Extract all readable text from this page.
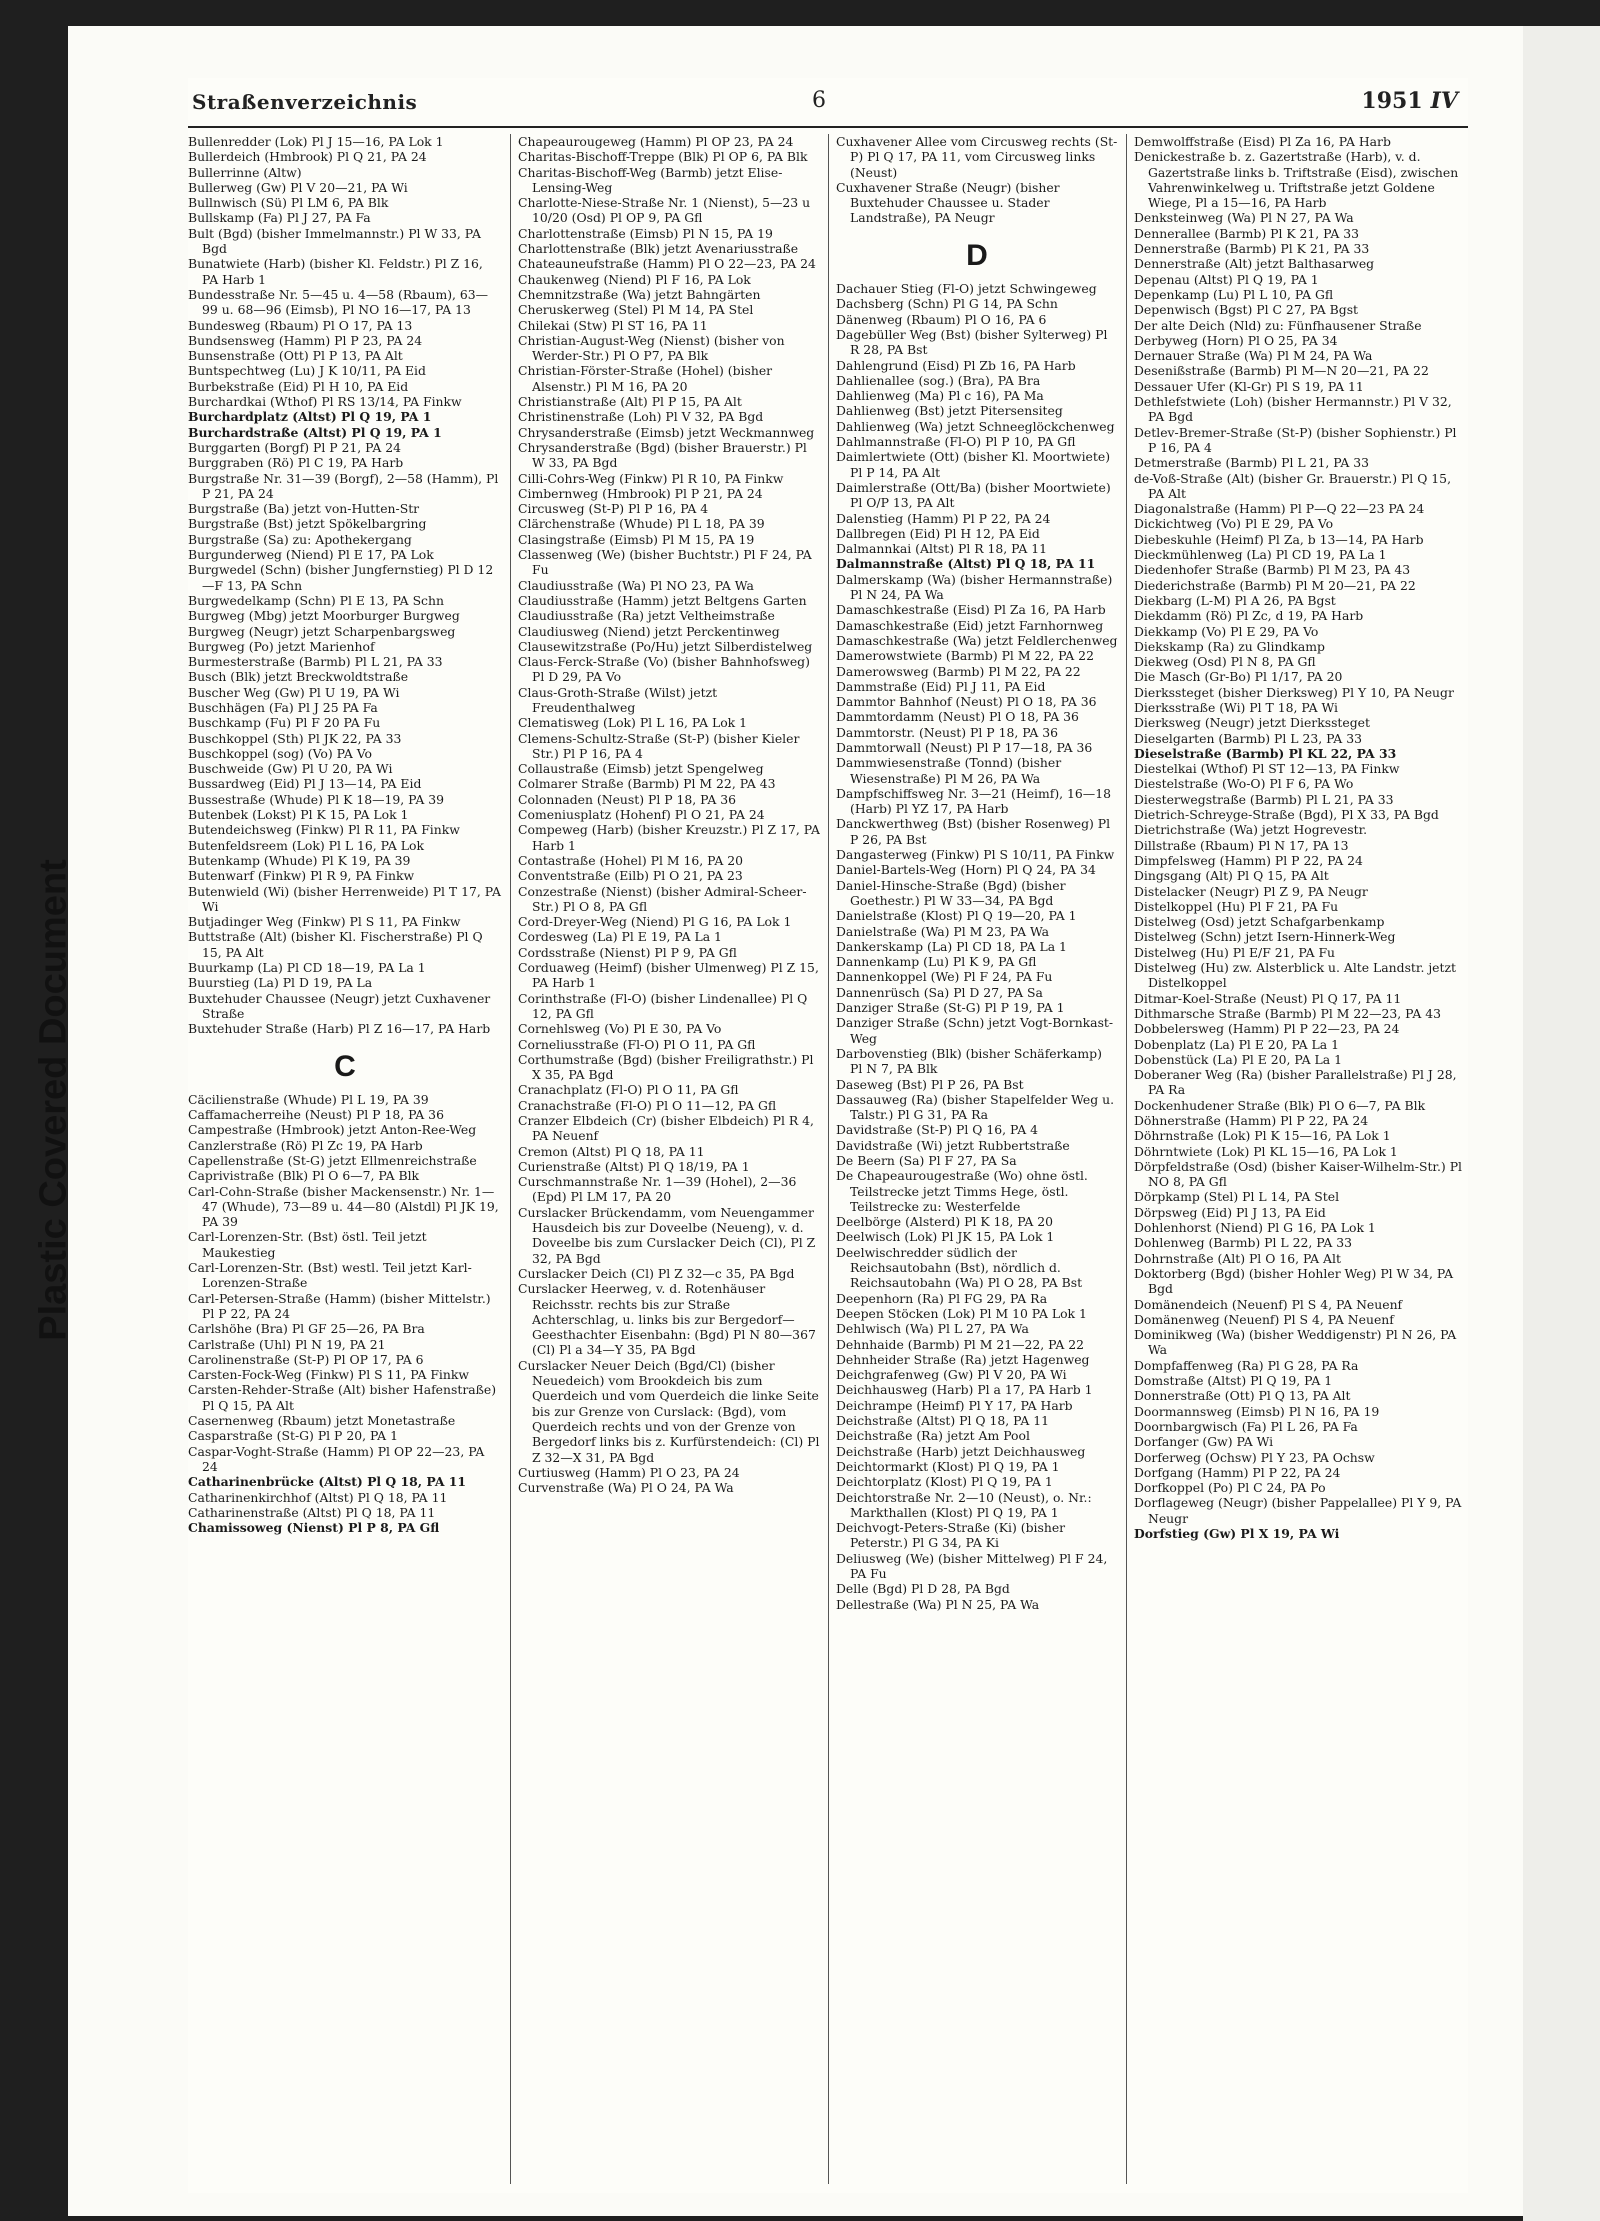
Plastic Covered Document
Straßenverzeichnis	6	1951 IV
Bullenredder (Lok) Pl J 15—16, PA Lok 1
Bullerdeich (Hmbrook) Pl Q 21, PA 24
Bullerrinne (Altw)
Bullerweg (Gw) Pl V 20—21, PA Wi
Bullnwisch (Sü) Pl LM 6, PA Blk
Bullskamp (Fa) Pl J 27, PA Fa
Bult (Bgd) (bisher Immelmannstr.) Pl W 33, PA Bgd
Bunatwiete (Harb) (bisher Kl. Feldstr.) Pl Z 16, PA Harb 1
Bundesstraße Nr. 5—45 u. 4—58 (Rbaum), 63—99 u. 68—96 (Eimsb), Pl NO 16—17, PA 13
Bundesweg (Rbaum) Pl O 17, PA 13
Bundsensweg (Hamm) Pl P 23, PA 24
Bunsenstraße (Ott) Pl P 13, PA Alt
Buntspechtweg (Lu) J K 10/11, PA Eid
Burbekstraße (Eid) Pl H 10, PA Eid
Burchardkai (Wthof) Pl RS 13/14, PA Finkw
Burchardplatz (Altst) Pl Q 19, PA 1
Burchardstraße (Altst) Pl Q 19, PA 1
Burggarten (Borgf) Pl P 21, PA 24
Burggraben (Rö) Pl C 19, PA Harb
Burgstraße Nr. 31—39 (Borgf), 2—58 (Hamm), Pl P 21, PA 24
Burgstraße (Ba) jetzt von-Hutten-Str
Burgstraße (Bst) jetzt Spökelbargring
Burgstraße (Sa) zu: Apothekergang
Burgunderweg (Niend) Pl E 17, PA Lok
Burgwedel (Schn) (bisher Jungfernstieg) Pl D 12—F 13, PA Schn
Burgwedelkamp (Schn) Pl E 13, PA Schn
Burgweg (Mbg) jetzt Moorburger Burgweg
Burgweg (Neugr) jetzt Scharpenbargsweg
Burgweg (Po) jetzt Marienhof
Burmesterstraße (Barmb) Pl L 21, PA 33
Busch (Blk) jetzt Breckwoldtstraße
Buscher Weg (Gw) Pl U 19, PA Wi
Buschhägen (Fa) Pl J 25 PA Fa
Buschkamp (Fu) Pl F 20 PA Fu
Buschkoppel (Sth) Pl JK 22, PA 33
Buschkoppel (sog) (Vo) PA Vo
Buschweide (Gw) Pl U 20, PA Wi
Bussardweg (Eid) Pl J 13—14, PA Eid
Bussestraße (Whude) Pl K 18—19, PA 39
Butenbek (Lokst) Pl K 15, PA Lok 1
Butendeichsweg (Finkw) Pl R 11, PA Finkw
Butenfeldsreem (Lok) Pl L 16, PA Lok
Butenkamp (Whude) Pl K 19, PA 39
Butenwarf (Finkw) Pl R 9, PA Finkw
Butenwield (Wi) (bisher Herrenweide) Pl T 17, PA Wi
Butjadinger Weg (Finkw) Pl S 11, PA Finkw
Buttstraße (Alt) (bisher Kl. Fischerstraße) Pl Q 15, PA Alt
Buurkamp (La) Pl CD 18—19, PA La 1
Buurstieg (La) Pl D 19, PA La
Buxtehuder Chaussee (Neugr) jetzt Cuxhavener Straße
Buxtehuder Straße (Harb) Pl Z 16—17, PA Harb
C
Cäcilienstraße (Whude) Pl L 19, PA 39
Caffamacherreihe (Neust) Pl P 18, PA 36
Campestraße (Hmbrook) jetzt Anton-Ree-Weg
Canzlerstraße (Rö) Pl Zc 19, PA Harb
Capellenstraße (St-G) jetzt Ellmenreichstraße
Caprivistraße (Blk) Pl O 6—7, PA Blk
Carl-Cohn-Straße (bisher Mackensenstr.) Nr. 1—47 (Whude), 73—89 u. 44—80 (Alstdl) Pl JK 19, PA 39
Carl-Lorenzen-Str. (Bst) östl. Teil jetzt Maukestieg
Carl-Lorenzen-Str. (Bst) westl. Teil jetzt Karl-Lorenzen-Straße
Carl-Petersen-Straße (Hamm) (bisher Mittelstr.) Pl P 22, PA 24
Carlshöhe (Bra) Pl GF 25—26, PA Bra
Carlstraße (Uhl) Pl N 19, PA 21
Carolinenstraße (St-P) Pl OP 17, PA 6
Carsten-Fock-Weg (Finkw) Pl S 11, PA Finkw
Carsten-Rehder-Straße (Alt) bisher Hafenstraße) Pl Q 15, PA Alt
Casernenweg (Rbaum) jetzt Monetastraße
Casparstraße (St-G) Pl P 20, PA 1
Caspar-Voght-Straße (Hamm) Pl OP 22—23, PA 24
Catharinenbrücke (Altst) Pl Q 18, PA 11
Catharinenkirchhof (Altst) Pl Q 18, PA 11
Catharinenstraße (Altst) Pl Q 18, PA 11
Chamissoweg (Nienst) Pl P 8, PA Gfl
Chapeaurougeweg (Hamm) Pl OP 23, PA 24
Charitas-Bischoff-Treppe (Blk) Pl OP 6, PA Blk
Charitas-Bischoff-Weg (Barmb) jetzt Elise-Lensing-Weg
Charlotte-Niese-Straße Nr. 1 (Nienst), 5—23 u 10/20 (Osd) Pl OP 9, PA Gfl
Charlottenstraße (Eimsb) Pl N 15, PA 19
Charlottenstraße (Blk) jetzt Avenariusstraße
Chateauneufstraße (Hamm) Pl O 22—23, PA 24
Chaukenweg (Niend) Pl F 16, PA Lok
Chemnitzstraße (Wa) jetzt Bahngärten
Cheruskerweg (Stel) Pl M 14, PA Stel
Chilekai (Stw) Pl ST 16, PA 11
Christian-August-Weg (Nienst) (bisher von Werder-Str.) Pl O P7, PA Blk
Christian-Förster-Straße (Hohel) (bisher Alsenstr.) Pl M 16, PA 20
Christianstraße (Alt) Pl P 15, PA Alt
Christinenstraße (Loh) Pl V 32, PA Bgd
Chrysanderstraße (Eimsb) jetzt Weckmannweg
Chrysanderstraße (Bgd) (bisher Brauerstr.) Pl W 33, PA Bgd
Cilli-Cohrs-Weg (Finkw) Pl R 10, PA Finkw
Cimbernweg (Hmbrook) Pl P 21, PA 24
Circusweg (St-P) Pl P 16, PA 4
Clärchenstraße (Whude) Pl L 18, PA 39
Clasingstraße (Eimsb) Pl M 15, PA 19
Classenweg (We) (bisher Buchtstr.) Pl F 24, PA Fu
Claudiusstraße (Wa) Pl NO 23, PA Wa
Claudiusstraße (Hamm) jetzt Beltgens Garten
Claudiusstraße (Ra) jetzt Veltheimstraße
Claudiusweg (Niend) jetzt Perckentinweg
Clausewitzstraße (Po/Hu) jetzt Silberdistelweg
Claus-Ferck-Straße (Vo) (bisher Bahnhofsweg) Pl D 29, PA Vo
Claus-Groth-Straße (Wilst) jetzt Freudenthalweg
Clematisweg (Lok) Pl L 16, PA Lok 1
Clemens-Schultz-Straße (St-P) (bisher Kieler Str.) Pl P 16, PA 4
Collaustraße (Eimsb) jetzt Spengelweg
Colmarer Straße (Barmb) Pl M 22, PA 43
Colonnaden (Neust) Pl P 18, PA 36
Comeniusplatz (Hohenf) Pl O 21, PA 24
Compeweg (Harb) (bisher Kreuzstr.) Pl Z 17, PA Harb 1
Contastraße (Hohel) Pl M 16, PA 20
Conventstraße (Eilb) Pl O 21, PA 23
Conzestraße (Nienst) (bisher Admiral-Scheer-Str.) Pl O 8, PA Gfl
Cord-Dreyer-Weg (Niend) Pl G 16, PA Lok 1
Cordesweg (La) Pl E 19, PA La 1
Cordsstraße (Nienst) Pl P 9, PA Gfl
Corduaweg (Heimf) (bisher Ulmenweg) Pl Z 15, PA Harb 1
Corinthstraße (Fl-O) (bisher Lindenallee) Pl Q 12, PA Gfl
Cornehlsweg (Vo) Pl E 30, PA Vo
Corneliusstraße (Fl-O) Pl O 11, PA Gfl
Corthumstraße (Bgd) (bisher Freiligrathstr.) Pl X 35, PA Bgd
Cranachplatz (Fl-O) Pl O 11, PA Gfl
Cranachstraße (Fl-O) Pl O 11—12, PA Gfl
Cranzer Elbdeich (Cr) (bisher Elbdeich) Pl R 4, PA Neuenf
Cremon (Altst) Pl Q 18, PA 11
Curienstraße (Altst) Pl Q 18/19, PA 1
Curschmannstraße Nr. 1—39 (Hohel), 2—36 (Epd) Pl LM 17, PA 20
Curslacker Brückendamm, vom Neuengammer Hausdeich bis zur Doveelbe (Neueng), v. d. Doveelbe bis zum Curslacker Deich (Cl), Pl Z 32, PA Bgd
Curslacker Deich (Cl) Pl Z 32—c 35, PA Bgd
Curslacker Heerweg, v. d. Rotenhäuser Reichsstr. rechts bis zur Straße Achterschlag, u. links bis zur Bergedorf—Geesthachter Eisenbahn: (Bgd) Pl N 80—367 (Cl) Pl a 34—Y 35, PA Bgd
Curslacker Neuer Deich (Bgd/Cl) (bisher Neuedeich) vom Brookdeich bis zum Querdeich und vom Querdeich die linke Seite bis zur Grenze von Curslack: (Bgd), vom Querdeich rechts und von der Grenze von Bergedorf links bis z. Kurfürstendeich: (Cl) Pl Z 32—X 31, PA Bgd
Curtiusweg (Hamm) Pl O 23, PA 24
Curvenstraße (Wa) Pl O 24, PA Wa
Cuxhavener Allee vom Circusweg rechts (St-P) Pl Q 17, PA 11, vom Circusweg links (Neust)
Cuxhavener Straße (Neugr) (bisher Buxtehuder Chaussee u. Stader Landstraße), PA Neugr
D
Dachauer Stieg (Fl-O) jetzt Schwingeweg
Dachsberg (Schn) Pl G 14, PA Schn
Dänenweg (Rbaum) Pl O 16, PA 6
Dagebüller Weg (Bst) (bisher Sylterweg) Pl R 28, PA Bst
Dahlengrund (Eisd) Pl Zb 16, PA Harb
Dahlienallee (sog.) (Bra), PA Bra
Dahlienweg (Ma) Pl c 16), PA Ma
Dahlienweg (Bst) jetzt Pitersensiteg
Dahlienweg (Wa) jetzt Schneeglöckchenweg
Dahlmannstraße (Fl-O) Pl P 10, PA Gfl
Daimlertwiete (Ott) (bisher Kl. Moortwiete) Pl P 14, PA Alt
Daimlerstraße (Ott/Ba) (bisher Moortwiete) Pl O/P 13, PA Alt
Dalenstieg (Hamm) Pl P 22, PA 24
Dallbregen (Eid) Pl H 12, PA Eid
Dalmannkai (Altst) Pl R 18, PA 11
Dalmannstraße (Altst) Pl Q 18, PA 11
Dalmerskamp (Wa) (bisher Hermannstraße) Pl N 24, PA Wa
Damaschkestraße (Eisd) Pl Za 16, PA Harb
Damaschkestraße (Eid) jetzt Farnhornweg
Damaschkestraße (Wa) jetzt Feldlerchenweg
Damerowstwiete (Barmb) Pl M 22, PA 22
Damerowsweg (Barmb) Pl M 22, PA 22
Dammstraße (Eid) Pl J 11, PA Eid
Dammtor Bahnhof (Neust) Pl O 18, PA 36
Dammtordamm (Neust) Pl O 18, PA 36
Dammtorstr. (Neust) Pl P 18, PA 36
Dammtorwall (Neust) Pl P 17—18, PA 36
Dammwiesenstraße (Tonnd) (bisher Wiesenstraße) Pl M 26, PA Wa
Dampfschiffsweg Nr. 3—21 (Heimf), 16—18 (Harb) Pl YZ 17, PA Harb
Danckwerthweg (Bst) (bisher Rosenweg) Pl P 26, PA Bst
Dangasterweg (Finkw) Pl S 10/11, PA Finkw
Daniel-Bartels-Weg (Horn) Pl Q 24, PA 34
Daniel-Hinsche-Straße (Bgd) (bisher Goethestr.) Pl W 33—34, PA Bgd
Danielstraße (Klost) Pl Q 19—20, PA 1
Danielstraße (Wa) Pl M 23, PA Wa
Dankerskamp (La) Pl CD 18, PA La 1
Dannenkamp (Lu) Pl K 9, PA Gfl
Dannenkoppel (We) Pl F 24, PA Fu
Dannenrüsch (Sa) Pl D 27, PA Sa
Danziger Straße (St-G) Pl P 19, PA 1
Danziger Straße (Schn) jetzt Vogt-Bornkast-Weg
Darbovenstieg (Blk) (bisher Schäferkamp) Pl N 7, PA Blk
Daseweg (Bst) Pl P 26, PA Bst
Dassauweg (Ra) (bisher Stapelfelder Weg u. Talstr.) Pl G 31, PA Ra
Davidstraße (St-P) Pl Q 16, PA 4
Davidstraße (Wi) jetzt Rubbertstraße
De Beern (Sa) Pl F 27, PA Sa
De Chapeaurougestraße (Wo) ohne östl. Teilstrecke jetzt Timms Hege, östl. Teilstrecke zu: Westerfelde
Deelbörge (Alsterd) Pl K 18, PA 20
Deelwisch (Lok) Pl JK 15, PA Lok 1
Deelwischredder südlich der Reichsautobahn (Bst), nördlich d. Reichsautobahn (Wa) Pl O 28, PA Bst
Deepenhorn (Ra) Pl FG 29, PA Ra
Deepen Stöcken (Lok) Pl M 10 PA Lok 1
Dehlwisch (Wa) Pl L 27, PA Wa
Dehnhaide (Barmb) Pl M 21—22, PA 22
Dehnheider Straße (Ra) jetzt Hagenweg
Deichgrafenweg (Gw) Pl V 20, PA Wi
Deichhausweg (Harb) Pl a 17, PA Harb 1
Deichrampe (Heimf) Pl Y 17, PA Harb
Deichstraße (Altst) Pl Q 18, PA 11
Deichstraße (Ra) jetzt Am Pool
Deichstraße (Harb) jetzt Deichhausweg
Deichtormarkt (Klost) Pl Q 19, PA 1
Deichtorplatz (Klost) Pl Q 19, PA 1
Deichtorstraße Nr. 2—10 (Neust), o. Nr.: Markthallen (Klost) Pl Q 19, PA 1
Deichvogt-Peters-Straße (Ki) (bisher Peterstr.) Pl G 34, PA Ki
Deliusweg (We) (bisher Mittelweg) Pl F 24, PA Fu
Delle (Bgd) Pl D 28, PA Bgd
Dellestraße (Wa) Pl N 25, PA Wa
Demwolffstraße (Eisd) Pl Za 16, PA Harb
Denickestraße b. z. Gazertstraße (Harb), v. d. Gazertstraße links b. Triftstraße (Eisd), zwischen Vahrenwinkelweg u. Triftstraße jetzt Goldene Wiege, Pl a 15—16, PA Harb
Denksteinweg (Wa) Pl N 27, PA Wa
Dennerallee (Barmb) Pl K 21, PA 33
Dennerstraße (Barmb) Pl K 21, PA 33
Dennerstraße (Alt) jetzt Balthasarweg
Depenau (Altst) Pl Q 19, PA 1
Depenkamp (Lu) Pl L 10, PA Gfl
Depenwisch (Bgst) Pl C 27, PA Bgst
Der alte Deich (Nld) zu: Fünfhausener Straße
Derbyweg (Horn) Pl O 25, PA 34
Dernauer Straße (Wa) Pl M 24, PA Wa
Desenißstraße (Barmb) Pl M—N 20—21, PA 22
Dessauer Ufer (Kl-Gr) Pl S 19, PA 11
Dethlefstwiete (Loh) (bisher Hermannstr.) Pl V 32, PA Bgd
Detlev-Bremer-Straße (St-P) (bisher Sophienstr.) Pl P 16, PA 4
Detmerstraße (Barmb) Pl L 21, PA 33
de-Voß-Straße (Alt) (bisher Gr. Brauerstr.) Pl Q 15, PA Alt
Diagonalstraße (Hamm) Pl P—Q 22—23 PA 24
Dickichtweg (Vo) Pl E 29, PA Vo
Diebeskuhle (Heimf) Pl Za, b 13—14, PA Harb
Dieckmühlenweg (La) Pl CD 19, PA La 1
Diedenhofer Straße (Barmb) Pl M 23, PA 43
Diederichstraße (Barmb) Pl M 20—21, PA 22
Diekbarg (L-M) Pl A 26, PA Bgst
Diekdamm (Rö) Pl Zc, d 19, PA Harb
Diekkamp (Vo) Pl E 29, PA Vo
Diekskamp (Ra) zu Glindkamp
Diekweg (Osd) Pl N 8, PA Gfl
Die Masch (Gr-Bo) Pl 1/17, PA 20
Dierkssteget (bisher Dierksweg) Pl Y 10, PA Neugr
Dierksstraße (Wi) Pl T 18, PA Wi
Dierksweg (Neugr) jetzt Dierkssteget
Dieselgarten (Barmb) Pl L 23, PA 33
Dieselstraße (Barmb) Pl KL 22, PA 33
Diestelkai (Wthof) Pl ST 12—13, PA Finkw
Diestelstraße (Wo-O) Pl F 6, PA Wo
Diesterwegstraße (Barmb) Pl L 21, PA 33
Dietrich-Schreyge-Straße (Bgd), Pl X 33, PA Bgd
Dietrichstraße (Wa) jetzt Hogrevestr.
Dillstraße (Rbaum) Pl N 17, PA 13
Dimpfelsweg (Hamm) Pl P 22, PA 24
Dingsgang (Alt) Pl Q 15, PA Alt
Distelacker (Neugr) Pl Z 9, PA Neugr
Distelkoppel (Hu) Pl F 21, PA Fu
Distelweg (Osd) jetzt Schafgarbenkamp
Distelweg (Schn) jetzt Isern-Hinnerk-Weg
Distelweg (Hu) Pl E/F 21, PA Fu
Distelweg (Hu) zw. Alsterblick u. Alte Landstr. jetzt Distelkoppel
Ditmar-Koel-Straße (Neust) Pl Q 17, PA 11
Dithmarsche Straße (Barmb) Pl M 22—23, PA 43
Dobbelersweg (Hamm) Pl P 22—23, PA 24
Dobenplatz (La) Pl E 20, PA La 1
Dobenstück (La) Pl E 20, PA La 1
Doberaner Weg (Ra) (bisher Parallelstraße) Pl J 28, PA Ra
Dockenhudener Straße (Blk) Pl O 6—7, PA Blk
Döhnerstraße (Hamm) Pl P 22, PA 24
Döhrnstraße (Lok) Pl K 15—16, PA Lok 1
Döhrntwiete (Lok) Pl KL 15—16, PA Lok 1
Dörpfeldstraße (Osd) (bisher Kaiser-Wilhelm-Str.) Pl NO 8, PA Gfl
Dörpkamp (Stel) Pl L 14, PA Stel
Dörpsweg (Eid) Pl J 13, PA Eid
Dohlenhorst (Niend) Pl G 16, PA Lok 1
Dohlenweg (Barmb) Pl L 22, PA 33
Dohrnstraße (Alt) Pl O 16, PA Alt
Doktorberg (Bgd) (bisher Hohler Weg) Pl W 34, PA Bgd
Domänendeich (Neuenf) Pl S 4, PA Neuenf
Domänenweg (Neuenf) Pl S 4, PA Neuenf
Dominikweg (Wa) (bisher Weddigenstr) Pl N 26, PA Wa
Dompfaffenweg (Ra) Pl G 28, PA Ra
Domstraße (Altst) Pl Q 19, PA 1
Donnerstraße (Ott) Pl Q 13, PA Alt
Doormannsweg (Eimsb) Pl N 16, PA 19
Doornbargwisch (Fa) Pl L 26, PA Fa
Dorfanger (Gw) PA Wi
Dorferweg (Ochsw) Pl Y 23, PA Ochsw
Dorfgang (Hamm) Pl P 22, PA 24
Dorfkoppel (Po) Pl C 24, PA Po
Dorflageweg (Neugr) (bisher Pappelallee) Pl Y 9, PA Neugr
Dorfstieg (Gw) Pl X 19, PA Wi
